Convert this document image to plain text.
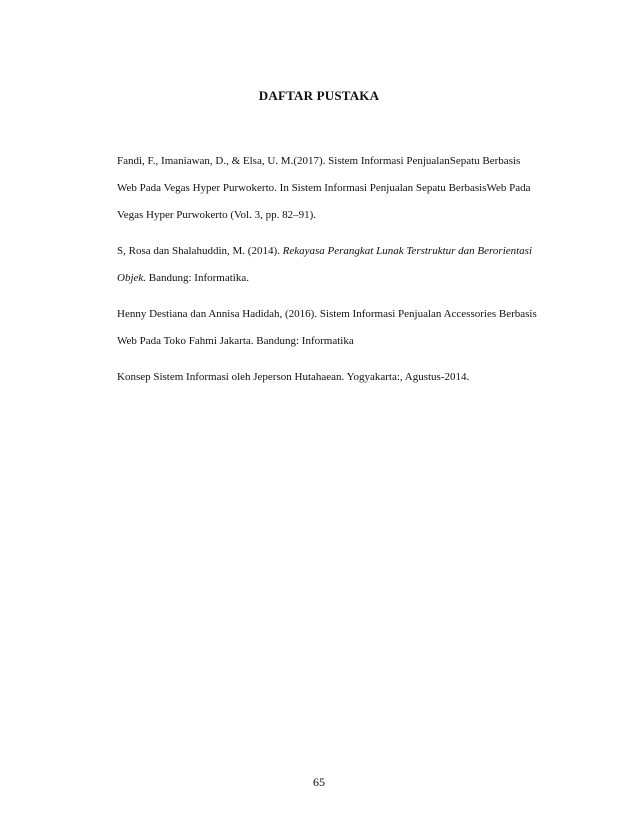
DAFTAR PUSTAKA

Fandi, F., Imaniawan, D., & Elsa, U. M.(2017). Sistem Informasi PenjualanSepatu Berbasis
Web Pada Vegas Hyper Purwokerto. In Sistem Informasi Penjualan Sepatu BerbasisWeb Pada
Vegas Hyper Purwokerto (Vol. 3, pp. 82–91).

S, Rosa dan Shalahuddin, M. (2014). Rekayasa Perangkat Lunak Terstruktur dan Berorientasi
Objek. Bandung: Informatika.

Henny Destiana dan Annisa Hadidah, (2016). Sistem Informasi Penjualan Accessories Berbasis
Web Pada Toko Fahmi Jakarta. Bandung: Informatika

Konsep Sistem Informasi oleh Jeperson Hutahaean. Yogyakarta:, Agustus-2014.

65
